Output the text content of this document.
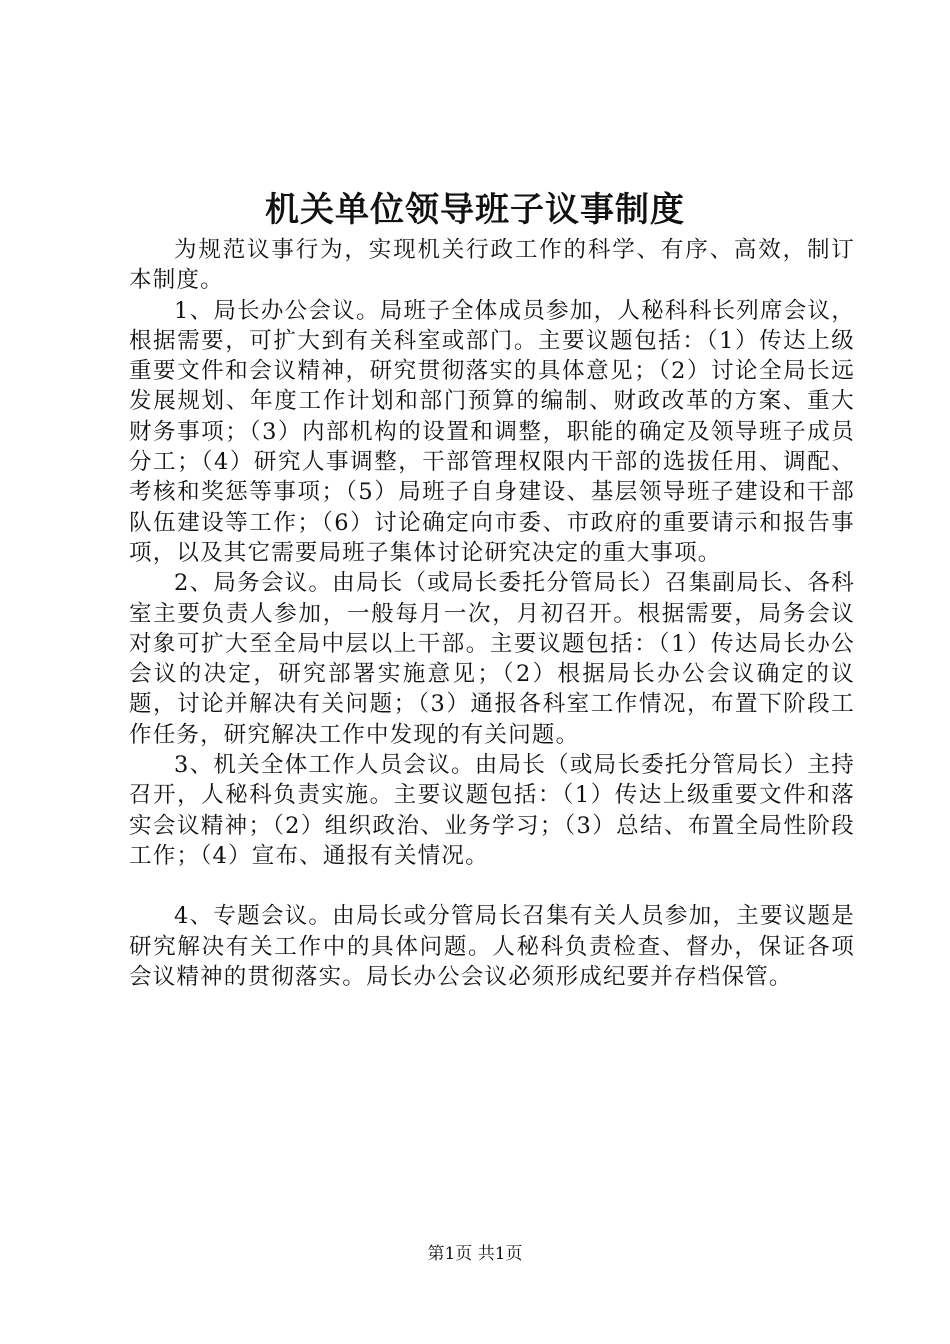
机关单位领导班子议事制度

为规范议事行为，实现机关行政工作的科学、有序、高效，制订本制度。

1、局长办公会议。局班子全体成员参加，人秘科科长列席会议，根据需要，可扩大到有关科室或部门。主要议题包括：（1）传达上级重要文件和会议精神，研究贯彻落实的具体意见；（2）讨论全局长远发展规划、年度工作计划和部门预算的编制、财政改革的方案、重大财务事项；（3）内部机构的设置和调整，职能的确定及领导班子成员分工；（4）研究人事调整，干部管理权限内干部的选拔任用、调配、考核和奖惩等事项；（5）局班子自身建设、基层领导班子建设和干部队伍建设等工作；（6）讨论确定向市委、市政府的重要请示和报告事项，以及其它需要局班子集体讨论研究决定的重大事项。

2、局务会议。由局长（或局长委托分管局长）召集副局长、各科室主要负责人参加，一般每月一次，月初召开。根据需要，局务会议对象可扩大至全局中层以上干部。主要议题包括：（1）传达局长办公会议的决定，研究部署实施意见；（2）根据局长办公会议确定的议题，讨论并解决有关问题；（3）通报各科室工作情况，布置下阶段工作任务，研究解决工作中发现的有关问题。

3、机关全体工作人员会议。由局长（或局长委托分管局长）主持召开，人秘科负责实施。主要议题包括：（1）传达上级重要文件和落实会议精神；（2）组织政治、业务学习；（3）总结、布置全局性阶段工作；（4）宣布、通报有关情况。

4、专题会议。由局长或分管局长召集有关人员参加，主要议题是研究解决有关工作中的具体问题。人秘科负责检查、督办，保证各项会议精神的贯彻落实。局长办公会议必须形成纪要并存档保管。

第1页 共1页
